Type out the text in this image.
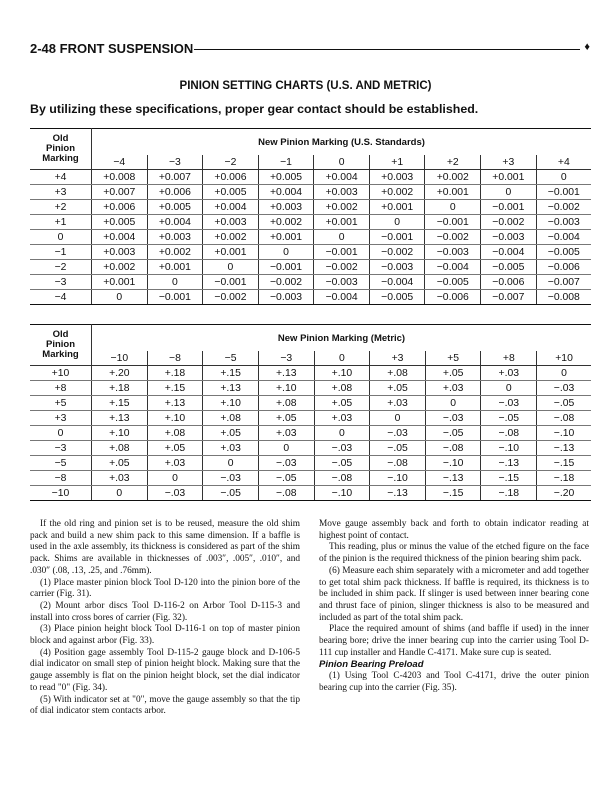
2-48 FRONT SUSPENSION	♦
PINION SETTING CHARTS (U.S. AND METRIC)
By utilizing these specifications, proper gear contact should be established.
Old
Pinion
Marking	New Pinion Marking (U.S. Standards)								
	−4	−3	−2	−1	0	+1	+2	+3	+4
+4	+0.008	+0.007	+0.006	+0.005	+0.004	+0.003	+0.002	+0.001	0
+3	+0.007	+0.006	+0.005	+0.004	+0.003	+0.002	+0.001	0	−0.001
+2	+0.006	+0.005	+0.004	+0.003	+0.002	+0.001	0	−0.001	−0.002
+1	+0.005	+0.004	+0.003	+0.002	+0.001	0	−0.001	−0.002	−0.003
0	+0.004	+0.003	+0.002	+0.001	0	−0.001	−0.002	−0.003	−0.004
−1	+0.003	+0.002	+0.001	0	−0.001	−0.002	−0.003	−0.004	−0.005
−2	+0.002	+0.001	0	−0.001	−0.002	−0.003	−0.004	−0.005	−0.006
−3	+0.001	0	−0.001	−0.002	−0.003	−0.004	−0.005	−0.006	−0.007
−4	0	−0.001	−0.002	−0.003	−0.004	−0.005	−0.006	−0.007	−0.008
Old
Pinion
Marking	New Pinion Marking (Metric)								
	−10	−8	−5	−3	0	+3	+5	+8	+10
+10	+.20	+.18	+.15	+.13	+.10	+.08	+.05	+.03	0
+8	+.18	+.15	+.13	+.10	+.08	+.05	+.03	0	−.03
+5	+.15	+.13	+.10	+.08	+.05	+.03	0	−.03	−.05
+3	+.13	+.10	+.08	+.05	+.03	0	−.03	−.05	−.08
0	+.10	+.08	+.05	+.03	0	−.03	−.05	−.08	−.10
−3	+.08	+.05	+.03	0	−.03	−.05	−.08	−.10	−.13
−5	+.05	+.03	0	−.03	−.05	−.08	−.10	−.13	−.15
−8	+.03	0	−.03	−.05	−.08	−.10	−.13	−.15	−.18
−10	0	−.03	−.05	−.08	−.10	−.13	−.15	−.18	−.20

If the old ring and pinion set is to be reused, measure the old shim pack and build a new shim pack to this same dimension. If a baffle is used in the axle assembly, its thickness is considered as part of the shim pack. Shims are available in thicknesses of .003″, .005″, .010″, and .030″ (.08, .13, .25, and .76mm).

(1) Place master pinion block Tool D-120 into the pinion bore of the carrier (Fig. 31).

(2) Mount arbor discs Tool D-116-2 on Arbor Tool D-115-3 and install into cross bores of carrier (Fig. 32).

(3) Place pinion height block Tool D-116-1 on top of master pinion block and against arbor (Fig. 33).

(4) Position gage assembly Tool D-115-2 gauge block and D-106-5 dial indicator on small step of pinion height block. Making sure that the gauge assembly is flat on the pinion height block, set the dial indicator to read "0" (Fig. 34).

(5) With indicator set at "0", move the gauge assembly so that the tip of dial indicator stem contacts arbor.

Move gauge assembly back and forth to obtain indicator reading at highest point of contact.

This reading, plus or minus the value of the etched figure on the face of the pinion is the required thickness of the pinion bearing shim pack.

(6) Measure each shim separately with a micrometer and add together to get total shim pack thickness. If baffle is required, its thickness is to be included in shim pack. If slinger is used between inner bearing cone and thrust face of pinion, slinger thickness is also to be measured and included as part of the total shim pack.

Place the required amount of shims (and baffle if used) in the inner bearing bore; drive the inner bearing cup into the carrier using Tool D-111 cup installer and Handle C-4171. Make sure cup is seated.

Pinion Bearing Preload

(1) Using Tool C-4203 and Tool C-4171, drive the outer pinion bearing cup into the carrier (Fig. 35).
